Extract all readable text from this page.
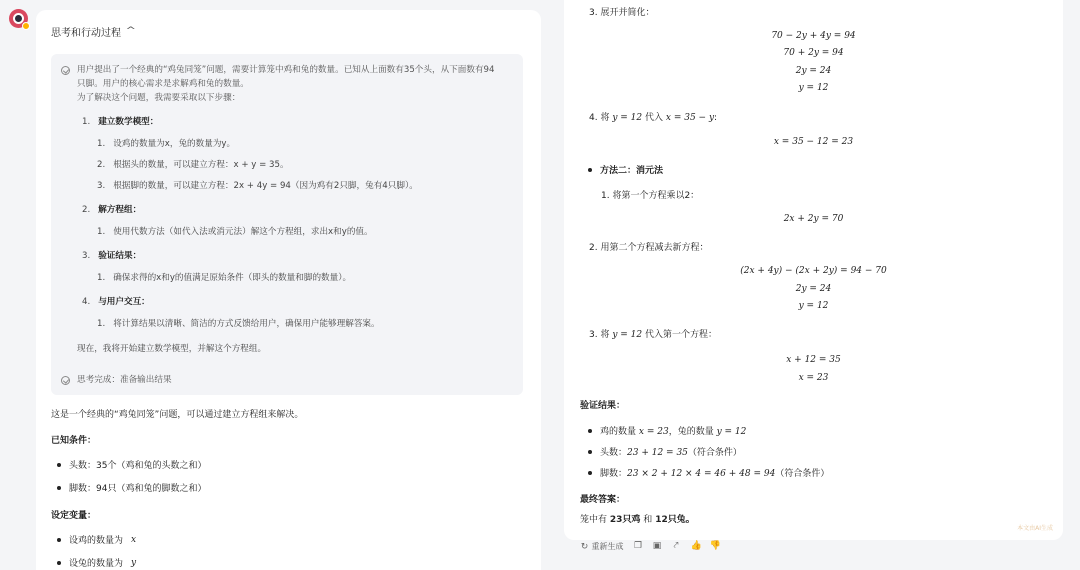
思考和行动过程 ^

用户提出了一个经典的“鸡兔同笼”问题，需要计算笼中鸡和兔的数量。已知从上面数有35个头，从下面数有94

只脚。用户的核心需求是求解鸡和兔的数量。

为了解决这个问题，我需要采取以下步骤：

1. 建立数学模型：
1. 设鸡的数量为x，兔的数量为y。
2. 根据头的数量，可以建立方程：x + y = 35。
3. 根据脚的数量，可以建立方程：2x + 4y = 94（因为鸡有2只脚，兔有4只脚）。
2. 解方程组：
1. 使用代数方法（如代入法或消元法）解这个方程组，求出x和y的值。
3. 验证结果：
1. 确保求得的x和y的值满足原始条件（即头的数量和脚的数量）。
4. 与用户交互：
1. 将计算结果以清晰、简洁的方式反馈给用户，确保用户能够理解答案。
现在，我将开始建立数学模型，并解这个方程组。
思考完成：准备输出结果
这是一个经典的“鸡兔同笼”问题，可以通过建立方程组来解决。
已知条件：
头数：35个（鸡和兔的头数之和）
脚数：94只（鸡和兔的脚数之和）
设定变量：
设鸡的数量为 x
设兔的数量为 y
3. 展开并简化：
70 − 2y + 4y = 94
70 + 2y = 94
2y = 24
y = 12
4. 将 y = 12 代入 x = 35 − y:
x = 35 − 12 = 23
方法二：消元法
1. 将第一个方程乘以2：
2x + 2y = 70
2. 用第二个方程减去新方程：
(2x + 4y) − (2x + 2y) = 94 − 70
2y = 24
y = 12
3. 将 y = 12 代入第一个方程：
x + 12 = 35
x = 23
验证结果：
鸡的数量 x = 23，兔的数量 y = 12
头数：23 + 12 = 35（符合条件）
脚数：23 × 2 + 12 × 4 = 46 + 48 = 94（符合条件）
最终答案：
笼中有 23只鸡 和 12只兔。
本文由AI生成
↻ 重新生成 ❐ ▣ ⤤ 👍 👎
